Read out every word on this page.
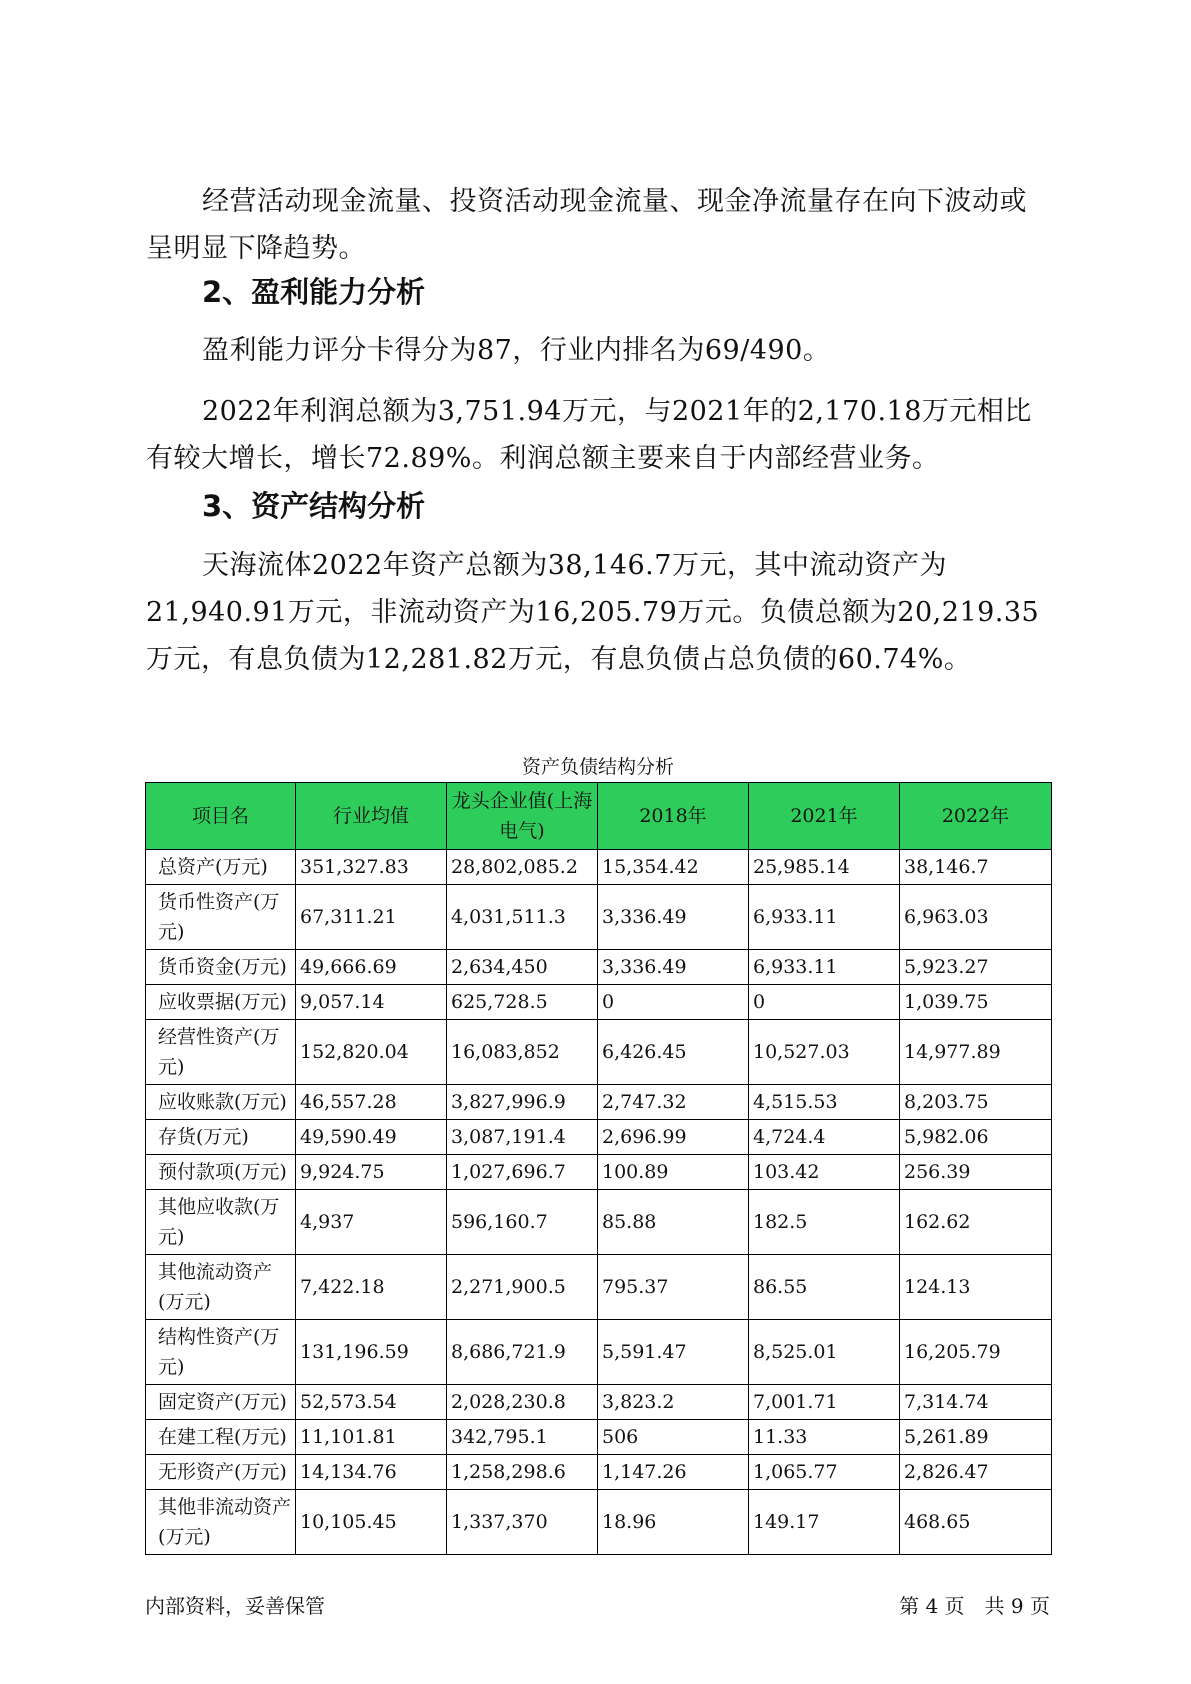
经营活动现金流量、投资活动现金流量、现金净流量存在向下波动或呈明显下降趋势。

2、盈利能力分析

盈利能力评分卡得分为87，行业内排名为69/490。

2022年利润总额为3,751.94万元，与2021年的2,170.18万元相比有较大增长，增长72.89%。利润总额主要来自于内部经营业务。

3、资产结构分析

天海流体2022年资产总额为38,146.7万元，其中流动资产为21,940.91万元，非流动资产为16,205.79万元。负债总额为20,219.35万元，有息负债为12,281.82万元，有息负债占总负债的60.74%。

资产负债结构分析
项目名	行业均值	龙头企业值(上海电气)	2018年	2021年	2022年
总资产(万元)	351,327.83	28,802,085.2	15,354.42	25,985.14	38,146.7
货币性资产(万元)	67,311.21	4,031,511.3	3,336.49	6,933.11	6,963.03
货币资金(万元)	49,666.69	2,634,450	3,336.49	6,933.11	5,923.27
应收票据(万元)	9,057.14	625,728.5	0	0	1,039.75
经营性资产(万元)	152,820.04	16,083,852	6,426.45	10,527.03	14,977.89
应收账款(万元)	46,557.28	3,827,996.9	2,747.32	4,515.53	8,203.75
存货(万元)	49,590.49	3,087,191.4	2,696.99	4,724.4	5,982.06
预付款项(万元)	9,924.75	1,027,696.7	100.89	103.42	256.39
其他应收款(万元)	4,937	596,160.7	85.88	182.5	162.62
其他流动资产(万元)	7,422.18	2,271,900.5	795.37	86.55	124.13
结构性资产(万元)	131,196.59	8,686,721.9	5,591.47	8,525.01	16,205.79
固定资产(万元)	52,573.54	2,028,230.8	3,823.2	7,001.71	7,314.74
在建工程(万元)	11,101.81	342,795.1	506	11.33	5,261.89
无形资产(万元)	14,134.76	1,258,298.6	1,147.26	1,065.77	2,826.47
其他非流动资产(万元)	10,105.45	1,337,370	18.96	149.17	468.65
内部资料，妥善保管	第 4 页　共 9 页
